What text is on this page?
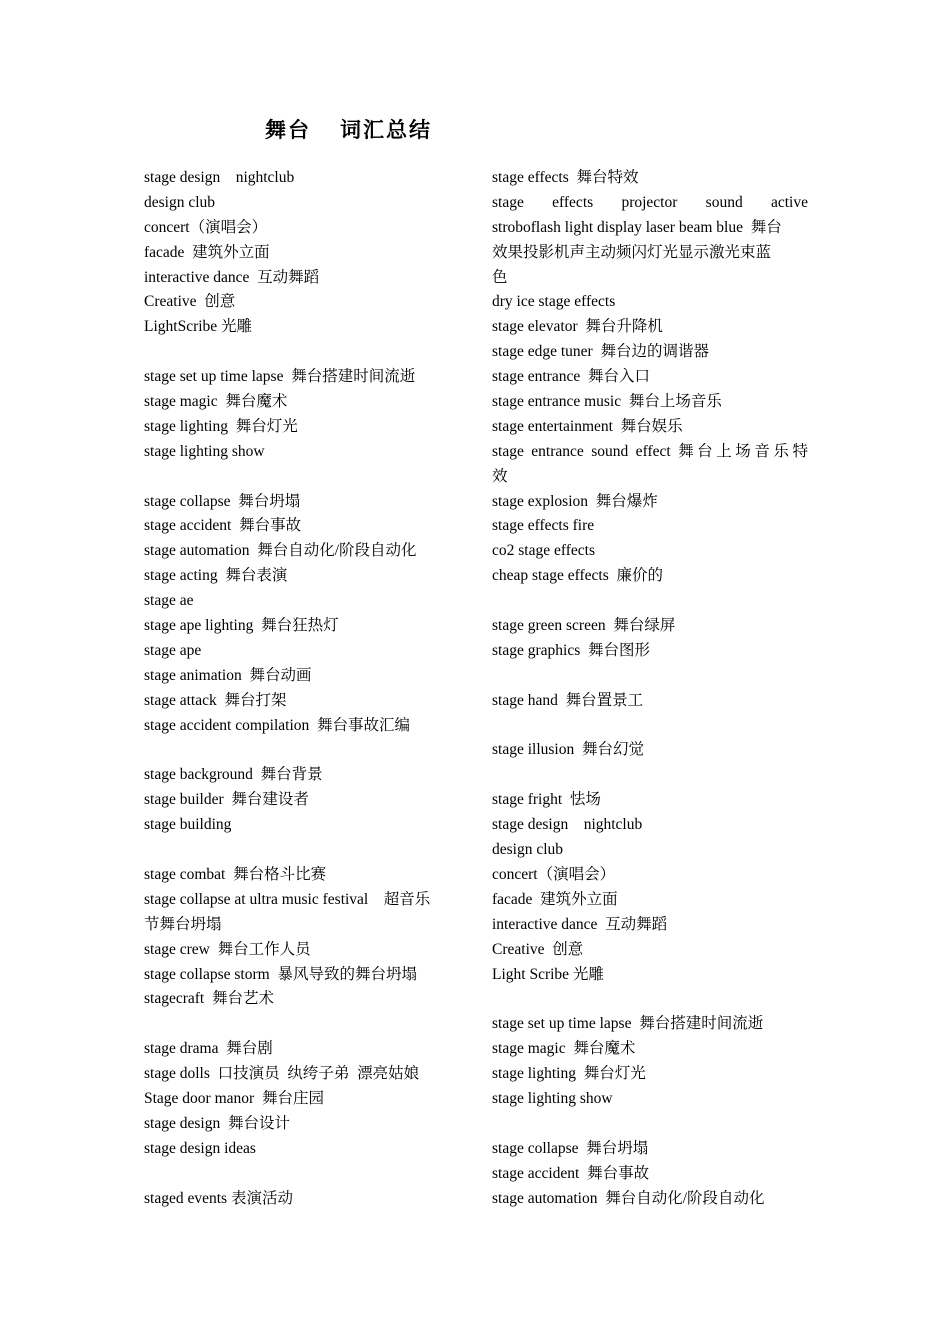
舞台    词汇总结
stage design    nightclub
design club
concert（演唱会）
facade  建筑外立面
interactive dance  互动舞蹈
Creative  创意
LightScribe 光雕
stage set up time lapse  舞台搭建时间流逝
stage magic  舞台魔术
stage lighting  舞台灯光
stage lighting show
stage collapse  舞台坍塌
stage accident  舞台事故
stage automation  舞台自动化/阶段自动化
stage acting  舞台表演
stage ae
stage ape lighting  舞台狂热灯
stage ape
stage animation  舞台动画
stage attack  舞台打架
stage accident compilation  舞台事故汇编
stage background  舞台背景
stage builder  舞台建设者
stage building
stage combat  舞台格斗比赛
stage collapse at ultra music festival    超音乐
节舞台坍塌
stage crew  舞台工作人员
stage collapse storm  暴风导致的舞台坍塌
stagecraft  舞台艺术
stage drama  舞台剧
stage dolls  口技演员  纨绔子弟  漂亮姑娘
Stage door manor  舞台庄园
stage design  舞台设计
stage design ideas
staged events 表演活动
stage effects  舞台特效
stage effects projector sound active
stroboflash light display laser beam blue  舞台
效果投影机声主动频闪灯光显示激光束蓝
色
dry ice stage effects
stage elevator  舞台升降机
stage edge tuner  舞台边的调谐器
stage entrance  舞台入口
stage entrance music  舞台上场音乐
stage entertainment  舞台娱乐
stage entrance sound effect 舞台上场音乐特
效
stage explosion  舞台爆炸
stage effects fire
co2 stage effects
cheap stage effects  廉价的
stage green screen  舞台绿屏
stage graphics  舞台图形
stage hand  舞台置景工
stage illusion  舞台幻觉
stage fright  怯场
stage design    nightclub
design club
concert（演唱会）
facade  建筑外立面
interactive dance  互动舞蹈
Creative  创意
Light Scribe 光雕
stage set up time lapse  舞台搭建时间流逝
stage magic  舞台魔术
stage lighting  舞台灯光
stage lighting show
stage collapse  舞台坍塌
stage accident  舞台事故
stage automation  舞台自动化/阶段自动化
